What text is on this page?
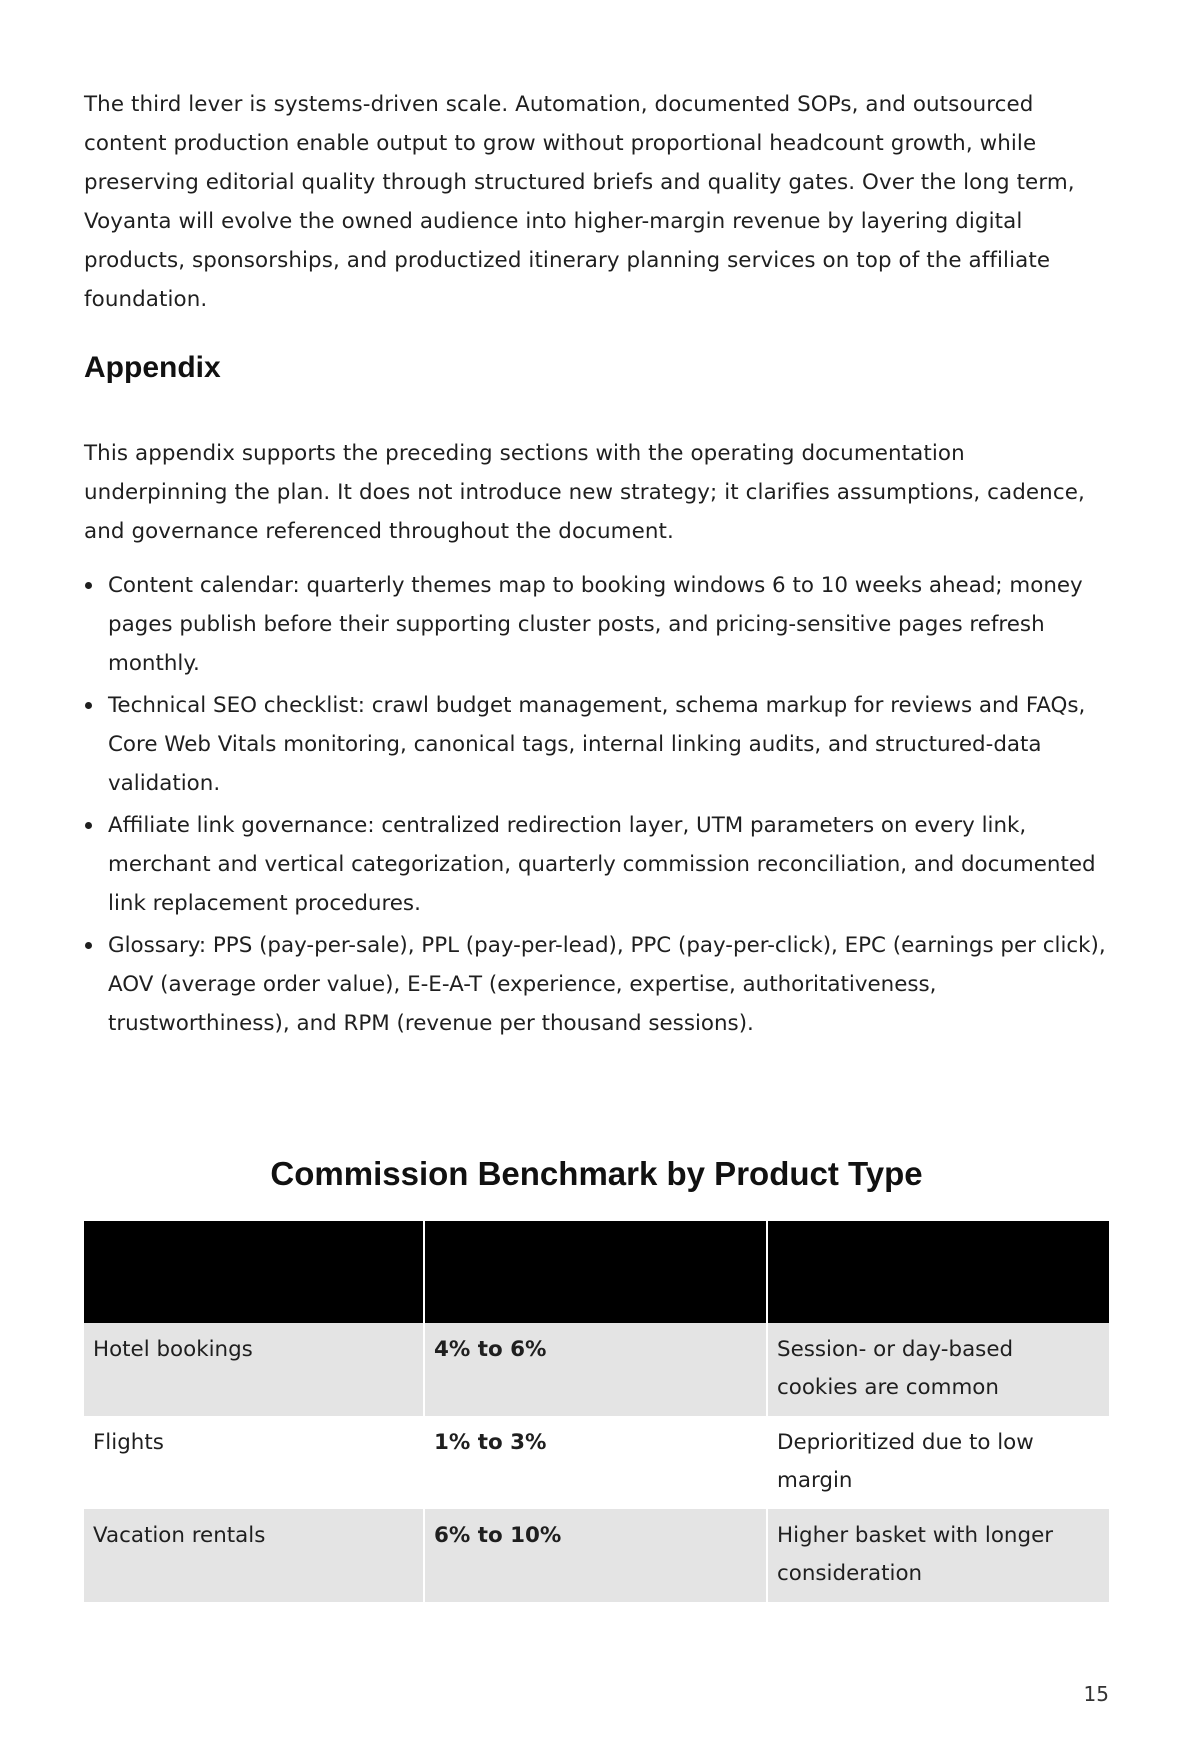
The third lever is systems-driven scale. Automation, documented SOPs, and outsourced content production enable output to grow without proportional headcount growth, while preserving editorial quality through structured briefs and quality gates. Over the long term, Voyanta will evolve the owned audience into higher-margin revenue by layering digital products, sponsorships, and productized itinerary planning services on top of the affiliate foundation.

Appendix

This appendix supports the preceding sections with the operating documentation underpinning the plan. It does not introduce new strategy; it clarifies assumptions, cadence, and governance referenced throughout the document.

Content calendar: quarterly themes map to booking windows 6 to 10 weeks ahead; money pages publish before their supporting cluster posts, and pricing-sensitive pages refresh monthly.
Technical SEO checklist: crawl budget management, schema markup for reviews and FAQs, Core Web Vitals monitoring, canonical tags, internal linking audits, and structured-data validation.
Affiliate link governance: centralized redirection layer, UTM parameters on every link, merchant and vertical categorization, quarterly commission reconciliation, and documented link replacement procedures.
Glossary: PPS (pay-per-sale), PPL (pay-per-lead), PPC (pay-per-click), EPC (earnings per click), AOV (average order value), E-E-A-T (experience, expertise, authoritativeness, trustworthiness), and RPM (revenue per thousand sessions).
Commission Benchmark by Product Type

Hotel bookings	4% to 6%	Session- or day-based cookies are common
Flights	1% to 3%	Deprioritized due to low margin
Vacation rentals	6% to 10%	Higher basket with longer consideration
15
